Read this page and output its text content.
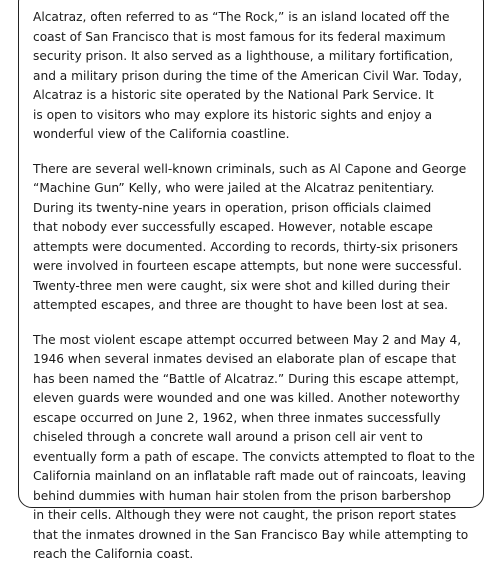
Alcatraz, often referred to as “The Rock,” is an island located off the
coast of San Francisco that is most famous for its federal maximum
security prison. It also served as a lighthouse, a military fortification,
and a military prison during the time of the American Civil War. Today,
Alcatraz is a historic site operated by the National Park Service. It
is open to visitors who may explore its historic sights and enjoy a
wonderful view of the California coastline.
There are several well-known criminals, such as Al Capone and George
“Machine Gun” Kelly, who were jailed at the Alcatraz penitentiary.
During its twenty-nine years in operation, prison officials claimed
that nobody ever successfully escaped. However, notable escape
attempts were documented. According to records, thirty-six prisoners
were involved in fourteen escape attempts, but none were successful.
Twenty-three men were caught, six were shot and killed during their
attempted escapes, and three are thought to have been lost at sea.
The most violent escape attempt occurred between May 2 and May 4,
1946 when several inmates devised an elaborate plan of escape that
has been named the “Battle of Alcatraz.” During this escape attempt,
eleven guards were wounded and one was killed. Another noteworthy
escape occurred on June 2, 1962, when three inmates successfully
chiseled through a concrete wall around a prison cell air vent to
eventually form a path of escape. The convicts attempted to float to the
California mainland on an inflatable raft made out of raincoats, leaving
behind dummies with human hair stolen from the prison barbershop
in their cells. Although they were not caught, the prison report states
that the inmates drowned in the San Francisco Bay while attempting to
reach the California coast.
